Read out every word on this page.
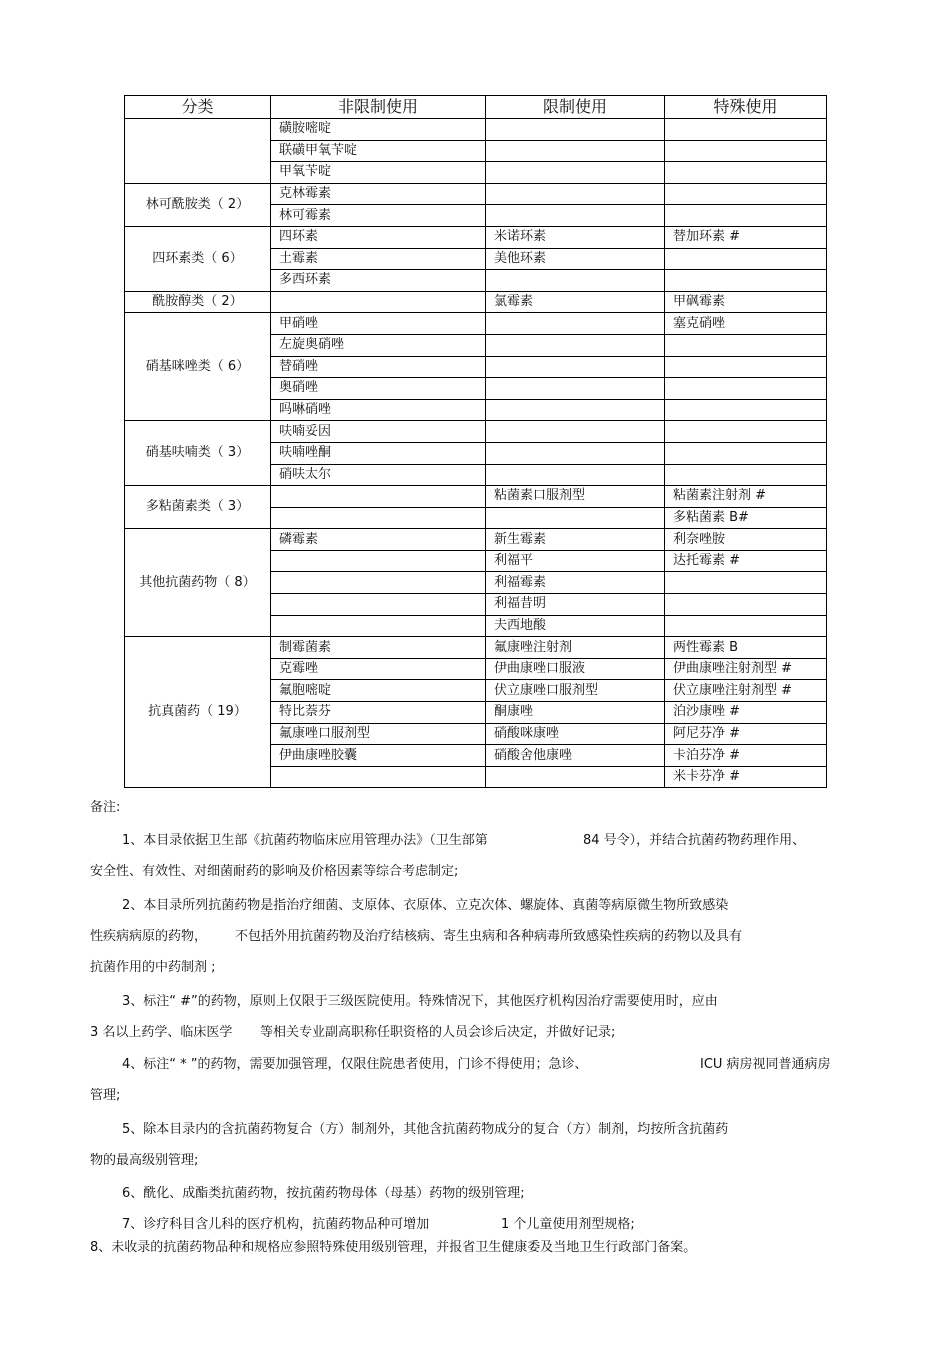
分类	非限制使用	限制使用	特殊使用
	磺胺嘧啶		
	联磺甲氧苄啶		
	甲氧苄啶		
林可酰胺类（ 2）	克林霉素		
	林可霉素		
四环素类（ 6）	四环素	米诺环素	替加环素 #
	土霉素	美他环素	
	多西环素		
酰胺醇类（ 2）		氯霉素	甲砜霉素
硝基咪唑类（ 6）	甲硝唑		塞克硝唑
	左旋奥硝唑		
	替硝唑		
	奥硝唑		
	吗啉硝唑		
硝基呋喃类（ 3）	呋喃妥因		
	呋喃唑酮		
	硝呋太尔		
多粘菌素类（ 3）		粘菌素口服剂型	粘菌素注射剂 #
			多粘菌素 B#
其他抗菌药物（ 8）	磷霉素	新生霉素	利奈唑胺
		利福平	达托霉素 #
		利福霉素	
		利福昔明	
		夫西地酸	
抗真菌药（ 19）	制霉菌素	氟康唑注射剂	两性霉素 B
	克霉唑	伊曲康唑口服液	伊曲康唑注射剂型 #
	氟胞嘧啶	伏立康唑口服剂型	伏立康唑注射剂型 #
	特比萘芬	酮康唑	泊沙康唑 #
	氟康唑口服剂型	硝酸咪康唑	阿尼芬净 #
	伊曲康唑胶囊	硝酸舍他康唑	卡泊芬净 #
			米卡芬净 #
备注:
1、本目录依据卫生部《抗菌药物临床应用管理办法》（卫生部第	84 号令），并结合抗菌药物药理作用、
安全性、有效性、对细菌耐药的影响及价格因素等综合考虑制定;
2、本目录所列抗菌药物是指治疗细菌、支原体、衣原体、立克次体、螺旋体、真菌等病原微生物所致感染
性疾病病原的药物， 不包括外用抗菌药物及治疗结核病、寄生虫病和各种病毒所致感染性疾病的药物以及具有
抗菌作用的中药制剂 ;
3、标注“ #”的药物，原则上仅限于三级医院使用。特殊情况下，其他医疗机构因治疗需要使用时，应由
3 名以上药学、临床医学 等相关专业副高职称任职资格的人员会诊后决定，并做好记录;
4、标注“ * ”的药物，需要加强管理，仅限住院患者使用，门诊不得使用；急诊、	ICU 病房视同普通病房
管理;
5、除本目录内的含抗菌药物复合（方）制剂外，其他含抗菌药物成分的复合（方）制剂，均按所含抗菌药
物的最高级别管理;
6、酰化、成酯类抗菌药物，按抗菌药物母体（母基）药物的级别管理;
7、诊疗科目含儿科的医疗机构，抗菌药物品种可增加	1 个儿童使用剂型规格;
8、未收录的抗菌药物品种和规格应参照特殊使用级别管理，并报省卫生健康委及当地卫生行政部门备案。
